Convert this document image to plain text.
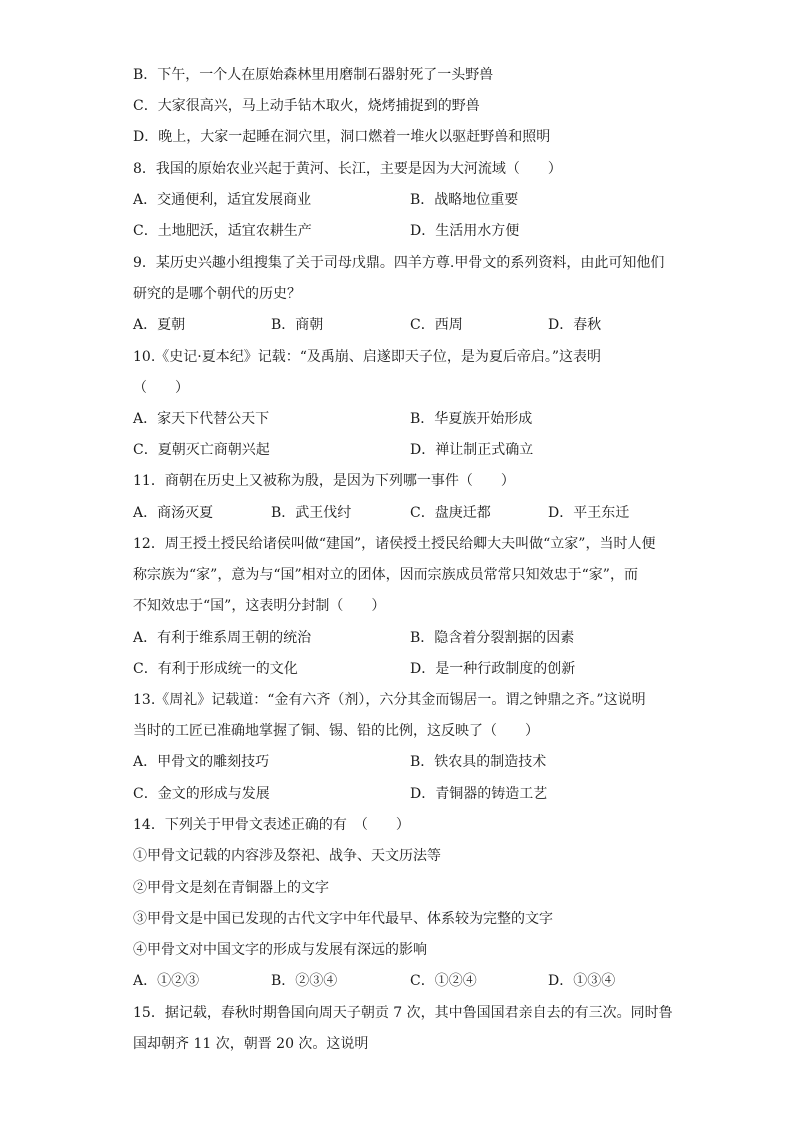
B．下午，一个人在原始森林里用磨制石器射死了一头野兽
C．大家很高兴，马上动手钻木取火，烧烤捕捉到的野兽
D．晚上，大家一起睡在洞穴里，洞口燃着一堆火以驱赶野兽和照明
8．我国的原始农业兴起于黄河、长江，主要是因为大河流域（　　）
A．交通便利，适宜发展商业	B．战略地位重要
C．土地肥沃，适宜农耕生产	D．生活用水方便
9．某历史兴趣小组搜集了关于司母戊鼎。四羊方尊.甲骨文的系列资料，由此可知他们
研究的是哪个朝代的历史？
A．夏朝	B．商朝	C．西周	D．春秋
10.《史记·夏本纪》记载：“及禹崩、启遂即天子位，是为夏后帝启。”这表明
（　　）
A．家天下代替公天下	B．华夏族开始形成
C．夏朝灭亡商朝兴起	D．禅让制正式确立
11．商朝在历史上又被称为殷，是因为下列哪一事件（　　）
A．商汤灭夏	B．武王伐纣	C．盘庚迁都	D．平王东迁
12．周王授土授民给诸侯叫做“建国”，诸侯授土授民给卿大夫叫做“立家”，当时人便
称宗族为“家”，意为与“国”相对立的团体，因而宗族成员常常只知效忠于“家”，而
不知效忠于“国”，这表明分封制（　　）
A．有利于维系周王朝的统治	B．隐含着分裂割据的因素
C．有利于形成统一的文化	D．是一种行政制度的创新
13.《周礼》记载道：“金有六齐（剂），六分其金而锡居一。谓之钟鼎之齐。”这说明
当时的工匠已准确地掌握了铜、锡、铅的比例，这反映了（　　）
A．甲骨文的雕刻技巧	B．铁农具的制造技术
C．金文的形成与发展	D．青铜器的铸造工艺
14．下列关于甲骨文表述正确的有　（　　）
①甲骨文记载的内容涉及祭祀、战争、天文历法等
②甲骨文是刻在青铜器上的文字
③甲骨文是中国已发现的古代文字中年代最早、体系较为完整的文字
④甲骨文对中国文字的形成与发展有深远的影响
A．①②③	B．②③④	C．①②④	D．①③④
15．据记载，春秋时期鲁国向周天子朝贡 7 次，其中鲁国国君亲自去的有三次。同时鲁
国却朝齐 11 次，朝晋 20 次。这说明
